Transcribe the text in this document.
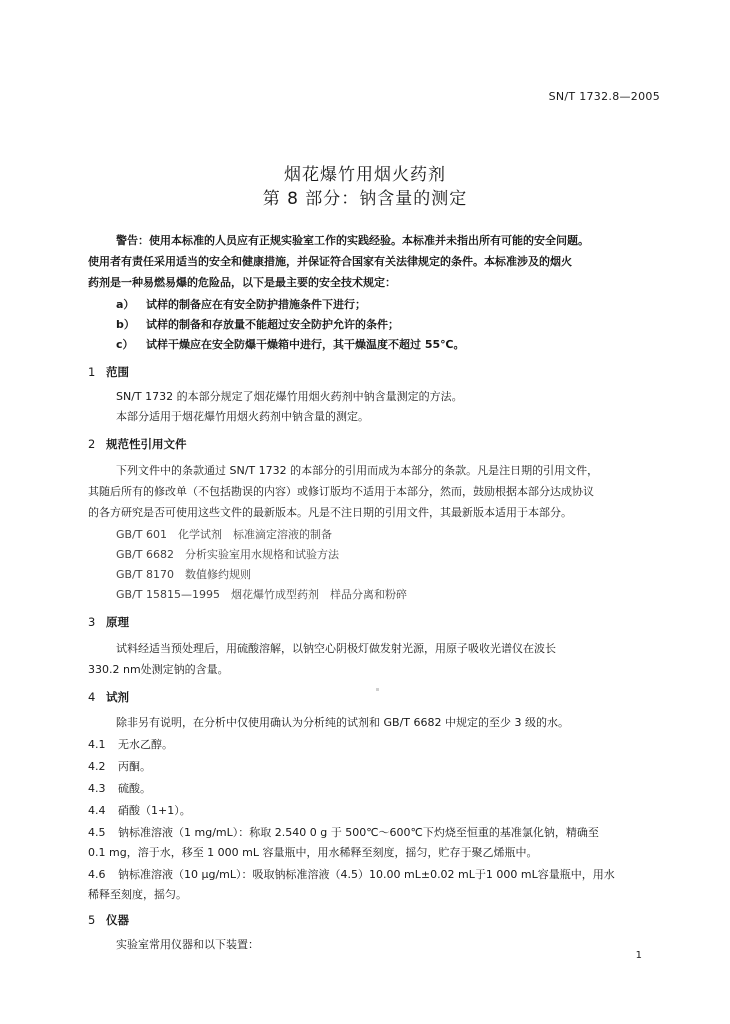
SN/T 1732.8—2005
烟花爆竹用烟火药剂
第 8 部分：钠含量的测定
警告：使用本标准的人员应有正规实验室工作的实践经验。本标准并未指出所有可能的安全问题。
使用者有责任采用适当的安全和健康措施，并保证符合国家有关法律规定的条件。本标准涉及的烟火
药剂是一种易燃易爆的危险品，以下是最主要的安全技术规定：
a） 试样的制备应在有安全防护措施条件下进行；
b） 试样的制备和存放量不能超过安全防护允许的条件；
c） 试样干燥应在安全防爆干燥箱中进行，其干燥温度不超过 55℃。
1 范围
SN/T 1732 的本部分规定了烟花爆竹用烟火药剂中钠含量测定的方法。
本部分适用于烟花爆竹用烟火药剂中钠含量的测定。
2 规范性引用文件
下列文件中的条款通过 SN/T 1732 的本部分的引用而成为本部分的条款。凡是注日期的引用文件，
其随后所有的修改单（不包括勘误的内容）或修订版均不适用于本部分，然而，鼓励根据本部分达成协议
的各方研究是否可使用这些文件的最新版本。凡是不注日期的引用文件，其最新版本适用于本部分。
GB/T 601　化学试剂　标准滴定溶液的制备
GB/T 6682　分析实验室用水规格和试验方法
GB/T 8170　数值修约规则
GB/T 15815—1995　烟花爆竹成型药剂　样品分离和粉碎
3 原理
试料经适当预处理后，用硫酸溶解，以钠空心阴极灯做发射光源，用原子吸收光谱仪在波长
330.2 nm处测定钠的含量。
4 试剂
除非另有说明，在分析中仅使用确认为分析纯的试剂和 GB/T 6682 中规定的至少 3 级的水。
4.1 无水乙醇。
4.2 丙酮。
4.3 硫酸。
4.4 硝酸（1+1）。
4.5 钠标准溶液（1 mg/mL）：称取 2.540 0 g 于 500℃～600℃下灼烧至恒重的基准氯化钠，精确至
0.1 mg，溶于水，移至 1 000 mL 容量瓶中，用水稀释至刻度，摇匀，贮存于聚乙烯瓶中。
4.6 钠标准溶液（10 μg/mL）：吸取钠标准溶液（4.5）10.00 mL±0.02 mL于1 000 mL容量瓶中，用水
稀释至刻度，摇匀。
5 仪器
实验室常用仪器和以下装置：
1
